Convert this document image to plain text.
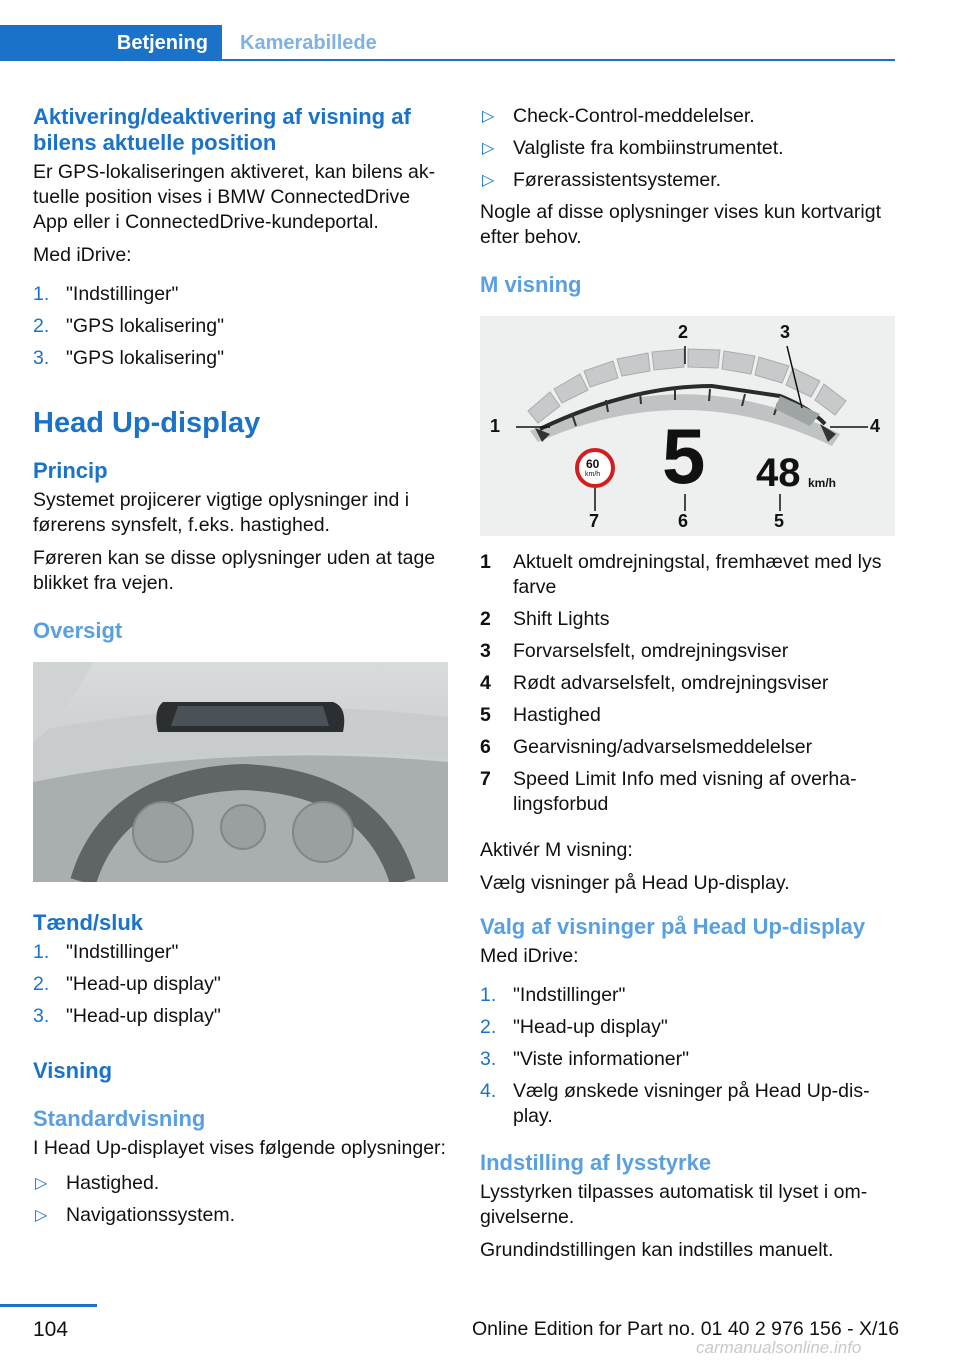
Betjening	Kamerabillede
Aktivering/deaktivering af visning af bilens aktuelle position

Er GPS-lokaliseringen aktiveret, kan bilens aktuelle position vises i BMW ConnectedDrive App eller i ConnectedDrive-kundeportal.

Med iDrive:

1. "Indstillinger"
2. "GPS lokalisering"
3. "GPS lokalisering"
Head Up-display
Princip

Systemet projicerer vigtige oplysninger ind i førerens synsfelt, f.eks. hastighed.

Føreren kan se disse oplysninger uden at tage blikket fra vejen.

Oversigt
Tænd/sluk
1. "Indstillinger"
2. "Head-up display"
3. "Head-up display"
Visning
Standardvisning

I Head Up-displayet vises følgende oplysninger:

▷ Hastighed.
▷ Navigationssystem.
▷ Check-Control-meddelelser.
▷ Valgliste fra kombiinstrumentet.
▷ Førerassistentsystemer.

Nogle af disse oplysninger vises kun kortvarigt efter behov.

M visning
60
km/h 5 48 km/h
1
2	3
4
5
6
7
1 Aktuelt omdrejningstal, fremhævet med lys farve
2 Shift Lights
3 Forvarselsfelt, omdrejningsviser
4 Rødt advarselsfelt, omdrejningsviser
5 Hastighed
6 Gearvisning/advarselsmeddelelser
7 Speed Limit Info med visning af overhalingsforbud

Aktivér M visning:

Vælg visninger på Head Up-display.

Valg af visninger på Head Up-display

Med iDrive:

1. "Indstillinger"
2. "Head-up display"
3. "Viste informationer"
4. Vælg ønskede visninger på Head Up-display.
Indstilling af lysstyrke

Lysstyrken tilpasses automatisk til lyset i omgivelserne.

Grundindstillingen kan indstilles manuelt.

104	Online Edition for Part no. 01 40 2 976 156 - X/16
carmanualsonline.info
